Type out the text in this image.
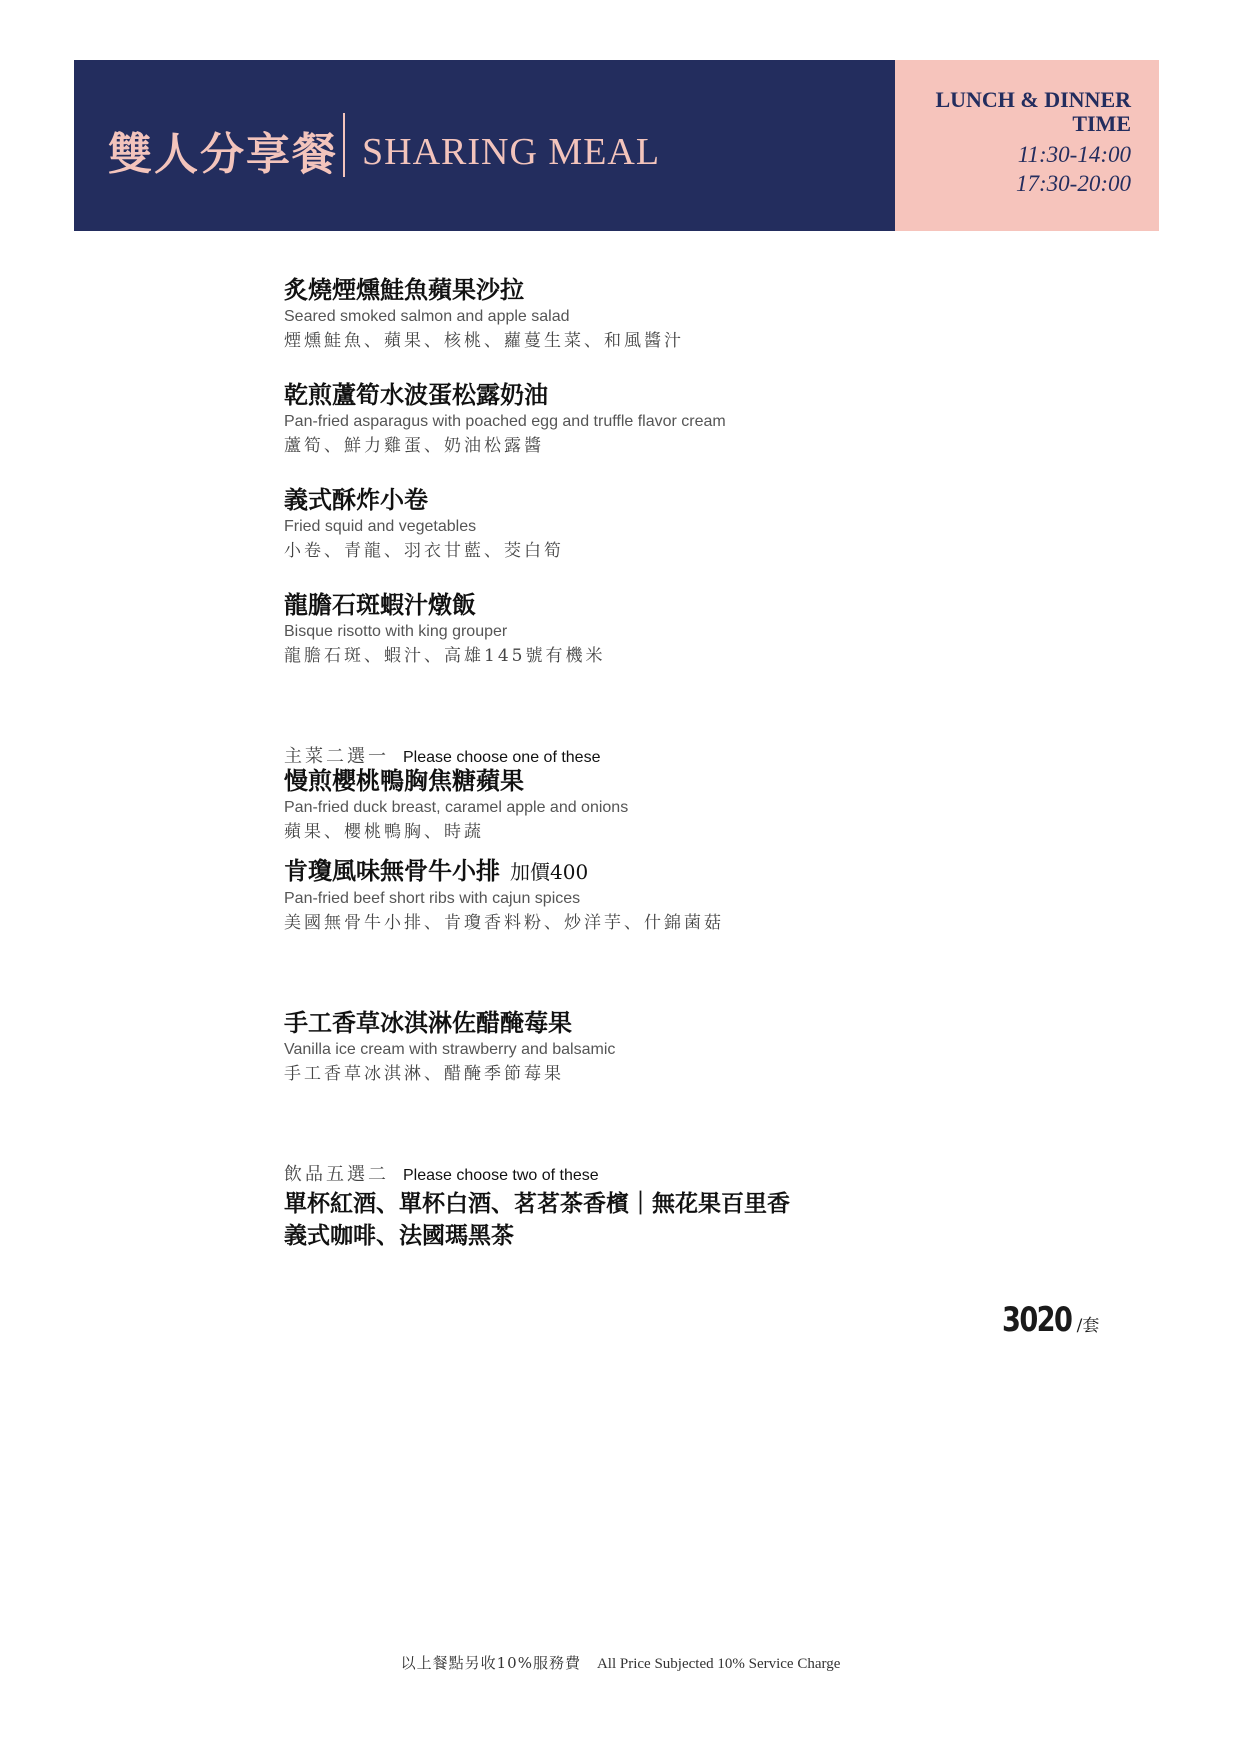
雙人分享餐 SHARING MEAL
LUNCH & DINNER
TIME
11:30-14:00
17:30-20:00
炙燒煙燻鮭魚蘋果沙拉
Seared smoked salmon and apple salad
煙燻鮭魚、蘋果、核桃、蘿蔓生菜、和風醬汁
乾煎蘆筍水波蛋松露奶油
Pan-fried asparagus with poached egg and truffle flavor cream
蘆筍、鮮力雞蛋、奶油松露醬
義式酥炸小卷
Fried squid and vegetables
小卷、青龍、羽衣甘藍、茭白筍
龍膽石斑蝦汁燉飯
Bisque risotto with king grouper
龍膽石斑、蝦汁、高雄145號有機米
主菜二選一 Please choose one of these
慢煎櫻桃鴨胸焦糖蘋果
Pan-fried duck breast, caramel apple and onions
蘋果、櫻桃鴨胸、時蔬
肯瓊風味無骨牛小排 加價400
Pan-fried beef short ribs with cajun spices
美國無骨牛小排、肯瓊香料粉、炒洋芋、什錦菌菇
手工香草冰淇淋佐醋醃莓果
Vanilla ice cream with strawberry and balsamic
手工香草冰淇淋、醋醃季節莓果
飲品五選二 Please choose two of these
單杯紅酒、單杯白酒、茗茗茶香檳｜無花果百里香
義式咖啡、法國瑪黑茶
3020 /套
以上餐點另收10%服務費 All Price Subjected 10% Service Charge
